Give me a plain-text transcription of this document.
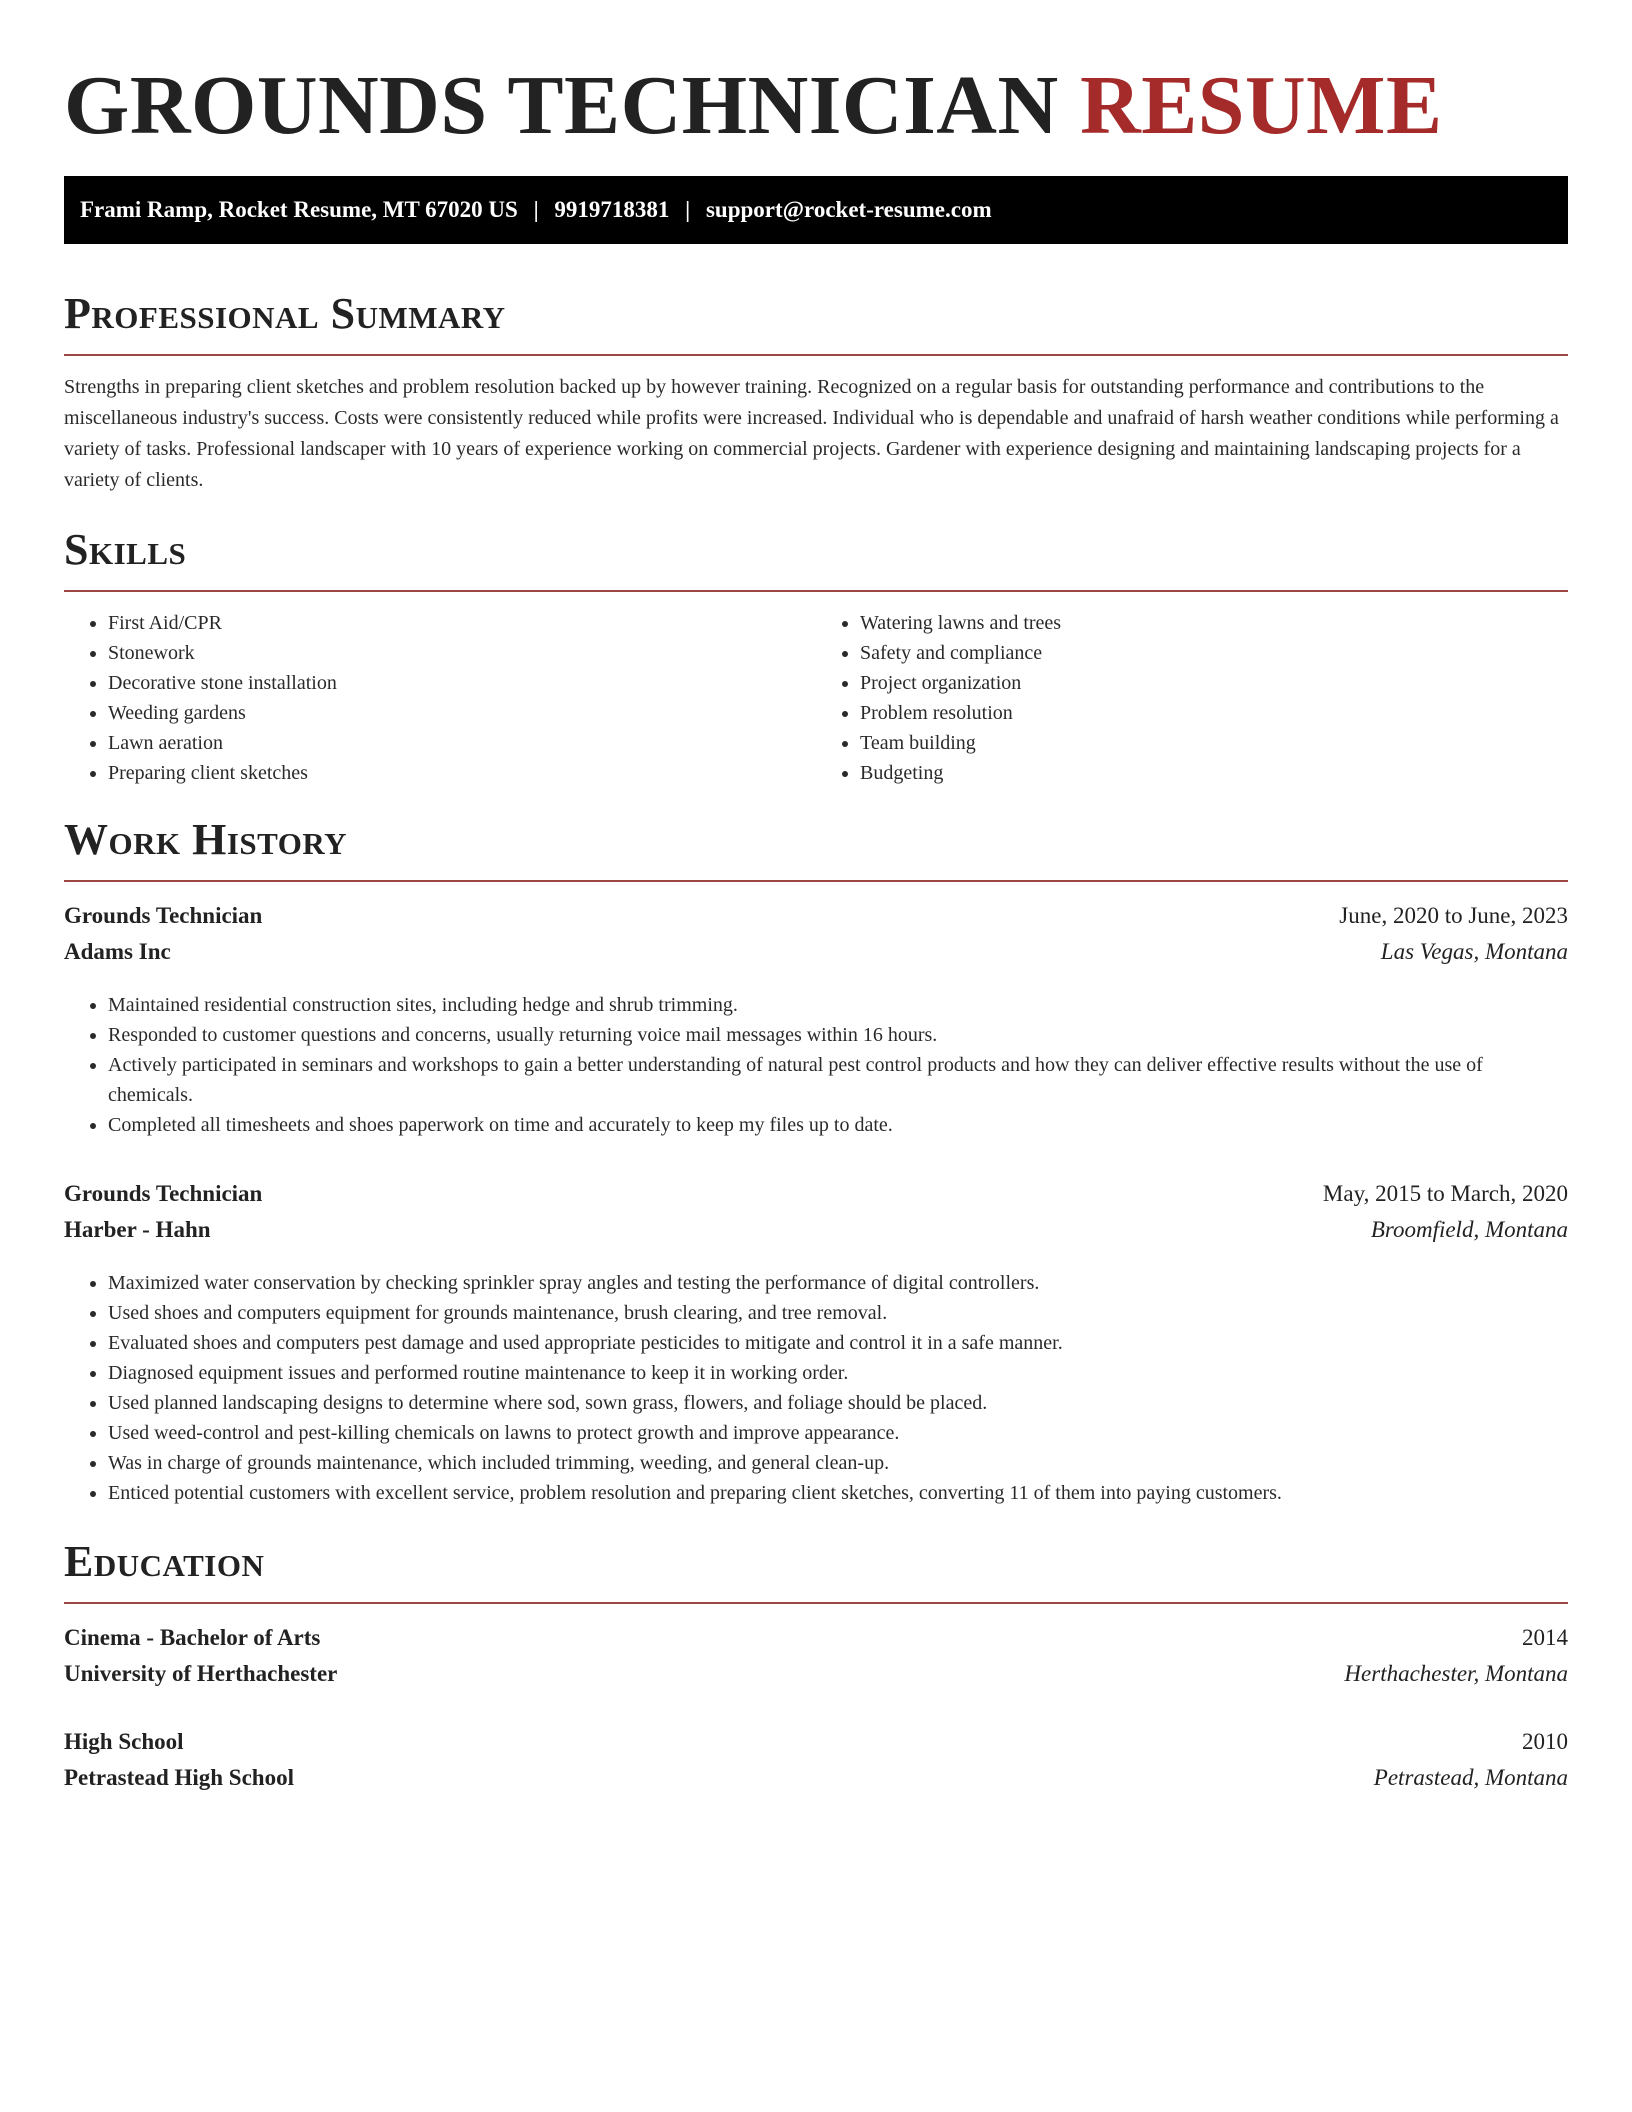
GROUNDS TECHNICIAN RESUME
Frami Ramp, Rocket Resume, MT 67020 US | 9919718381 | support@rocket-resume.com
Professional Summary

Strengths in preparing client sketches and problem resolution backed up by however training. Recognized on a regular basis for outstanding performance and contributions to the miscellaneous industry's success. Costs were consistently reduced while profits were increased. Individual who is dependable and unafraid of harsh weather conditions while performing a variety of tasks. Professional landscaper with 10 years of experience working on commercial projects. Gardener with experience designing and maintaining landscaping projects for a variety of clients.

Skills
• First Aid/CPR
• Stonework
• Decorative stone installation
• Weeding gardens
• Lawn aeration
• Preparing client sketches
• Watering lawns and trees
• Safety and compliance
• Project organization
• Problem resolution
• Team building
• Budgeting
Work History
Grounds Technician	June, 2020 to June, 2023
Adams Inc	Las Vegas, Montana
• Maintained residential construction sites, including hedge and shrub trimming.
• Responded to customer questions and concerns, usually returning voice mail messages within 16 hours.
• Actively participated in seminars and workshops to gain a better understanding of natural pest control products and how they can deliver effective results without the use of chemicals.
• Completed all timesheets and shoes paperwork on time and accurately to keep my files up to date.
Grounds Technician	May, 2015 to March, 2020
Harber - Hahn	Broomfield, Montana
• Maximized water conservation by checking sprinkler spray angles and testing the performance of digital controllers.
• Used shoes and computers equipment for grounds maintenance, brush clearing, and tree removal.
• Evaluated shoes and computers pest damage and used appropriate pesticides to mitigate and control it in a safe manner.
• Diagnosed equipment issues and performed routine maintenance to keep it in working order.
• Used planned landscaping designs to determine where sod, sown grass, flowers, and foliage should be placed.
• Used weed-control and pest-killing chemicals on lawns to protect growth and improve appearance.
• Was in charge of grounds maintenance, which included trimming, weeding, and general clean-up.
• Enticed potential customers with excellent service, problem resolution and preparing client sketches, converting 11 of them into paying customers.
Education
Cinema - Bachelor of Arts	2014
University of Herthachester	Herthachester, Montana
High School	2010
Petrastead High School	Petrastead, Montana
